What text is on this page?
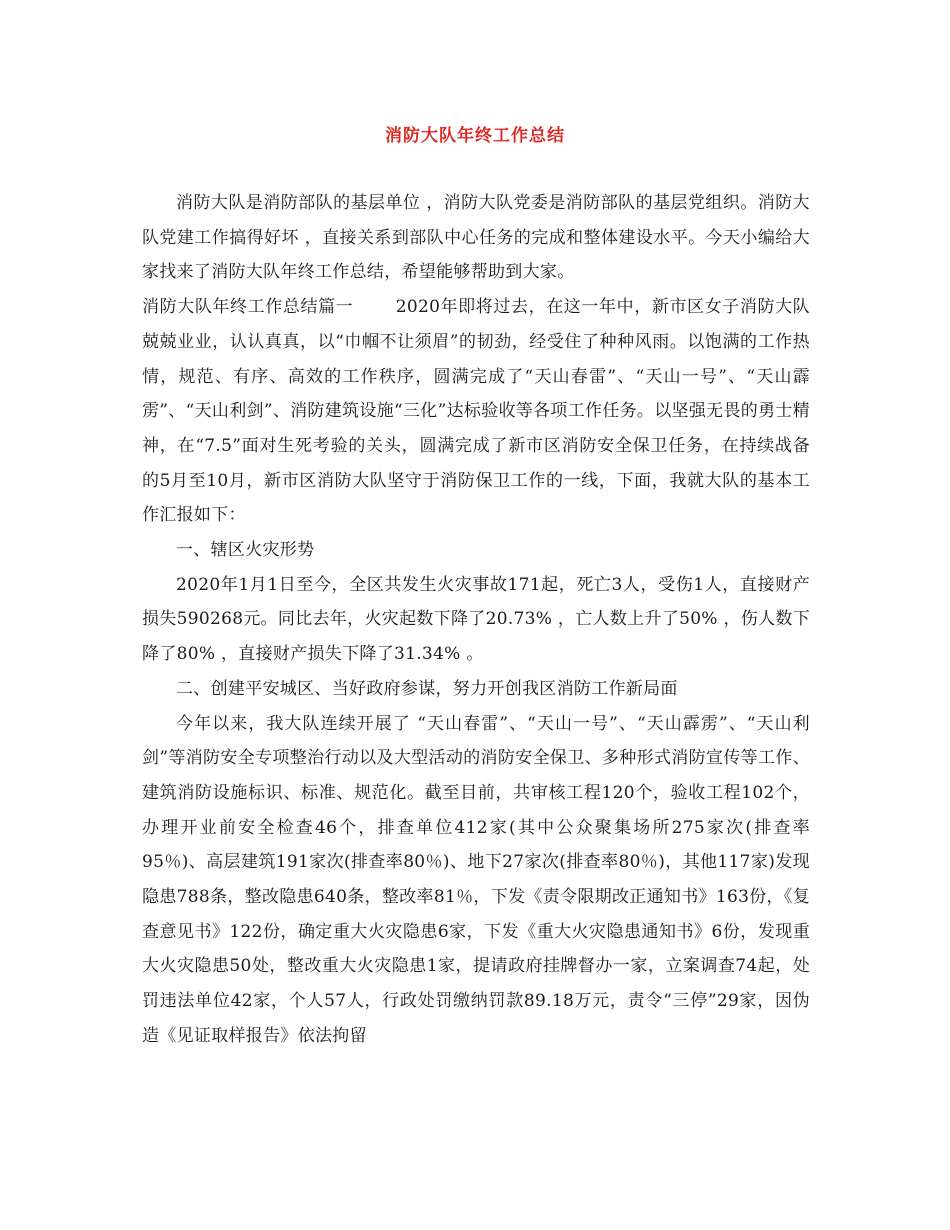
消防大队年终工作总结

消防大队是消防部队的基层单位 ，消防大队党委是消防部队的基层党组织。消防大队党建工作搞得好坏 ，直接关系到部队中心任务的完成和整体建设水平。今天小编给大家找来了消防大队年终工作总结，希望能够帮助到大家。

消防大队年终工作总结篇一	2020年即将过去，在这一年中，新市区女子消防大队兢兢业业，认认真真，以“巾帼不让须眉”的韧劲，经受住了种种风雨。以饱满的工作热情，规范、有序、高效的工作秩序，圆满完成了“天山春雷”、“天山一号”、“天山霹雳”、“天山利剑”、消防建筑设施“三化”达标验收等各项工作任务。以坚强无畏的勇士精神，在“7.5”面对生死考验的关头，圆满完成了新市区消防安全保卫任务，在持续战备的5月至10月，新市区消防大队坚守于消防保卫工作的一线，下面，我就大队的基本工作汇报如下：

一、辖区火灾形势

2020年1月1日至今，全区共发生火灾事故171起，死亡3人，受伤1人，直接财产损失590268元。同比去年，火灾起数下降了20.73% ，亡人数上升了50% ，伤人数下降了80% ，直接财产损失下降了31.34% 。

二、创建平安城区、当好政府参谋，努力开创我区消防工作新局面

今年以来，我大队连续开展了 “天山春雷”、“天山一号”、“天山霹雳”、“天山利剑”等消防安全专项整治行动以及大型活动的消防安全保卫、多种形式消防宣传等工作、建筑消防设施标识、标准、规范化。截至目前，共审核工程120个，验收工程102个，办理开业前安全检查46个，排查单位412家(其中公众聚集场所275家次(排查率95％)、高层建筑191家次(排查率80％)、地下27家次(排查率80％)，其他117家)发现隐患788条，整改隐患640条，整改率81％，下发《责令限期改正通知书》163份，《复查意见书》122份，确定重大火灾隐患6家，下发《重大火灾隐患通知书》6份，发现重大火灾隐患50处，整改重大火灾隐患1家，提请政府挂牌督办一家，立案调查74起，处罚违法单位42家，个人57人，行政处罚缴纳罚款89.18万元，责令“三停”29家，因伪造《见证取样报告》依法拘留
